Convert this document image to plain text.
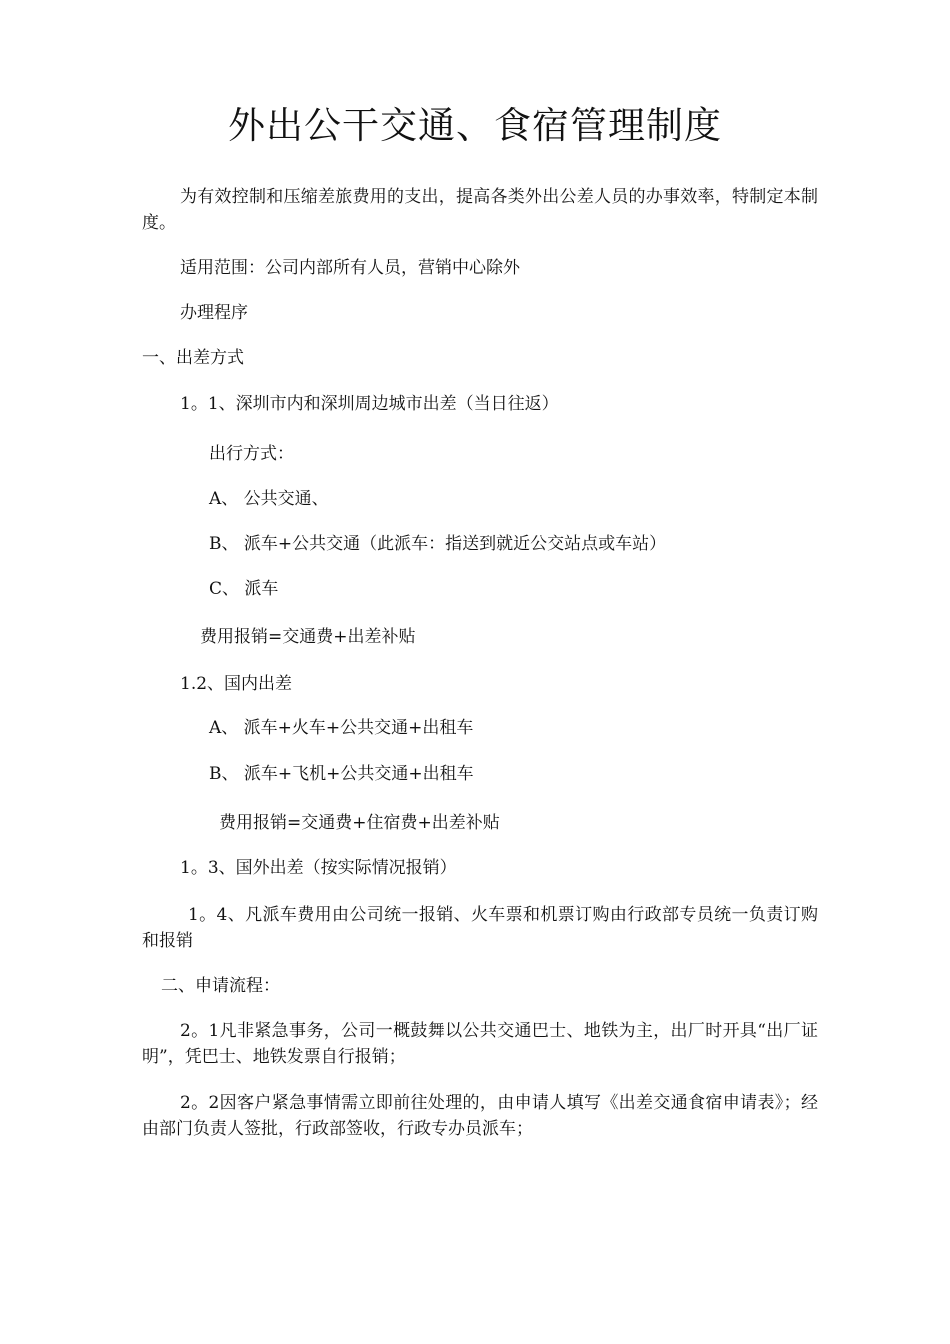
外出公干交通、食宿管理制度

为有效控制和压缩差旅费用的支出，提高各类外出公差人员的办事效率，特制定本制度。

适用范围：公司内部所有人员，营销中心除外

办理程序

一、出差方式

1。1、深圳市内和深圳周边城市出差（当日往返）

出行方式：

A、 公共交通、

B、 派车+公共交通（此派车：指送到就近公交站点或车站）

C、 派车

费用报销=交通费+出差补贴

1.2、国内出差

A、 派车+火车+公共交通+出租车

B、 派车+飞机+公共交通+出租车

费用报销=交通费+住宿费+出差补贴

1。3、国外出差（按实际情况报销）

1。4、凡派车费用由公司统一报销、火车票和机票订购由行政部专员统一负责订购和报销

二、申请流程：

2。1凡非紧急事务，公司一概鼓舞以公共交通巴士、地铁为主，出厂时开具“出厂证明”，凭巴士、地铁发票自行报销；

2。2因客户紧急事情需立即前往处理的，由申请人填写《出差交通食宿申请表》；经由部门负责人签批，行政部签收，行政专办员派车；
